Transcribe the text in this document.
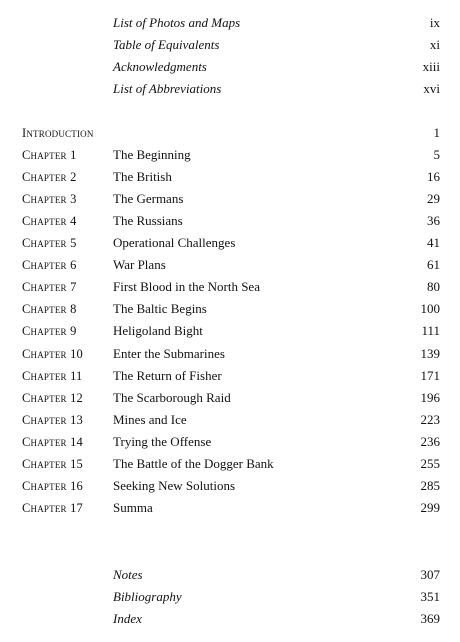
List of Photos and Maps	ix
Table of Equivalents	xi
Acknowledgments	xiii
List of Abbreviations	xvi
Introduction	1
Chapter 1	The Beginning	5
Chapter 2	The British	16
Chapter 3	The Germans	29
Chapter 4	The Russians	36
Chapter 5	Operational Challenges	41
Chapter 6	War Plans	61
Chapter 7	First Blood in the North Sea	80
Chapter 8	The Baltic Begins	100
Chapter 9	Heligoland Bight	111
Chapter 10 Enter the Submarines	139
Chapter 11 The Return of Fisher	171
Chapter 12 The Scarborough Raid	196
Chapter 13 Mines and Ice	223
Chapter 14 Trying the Offense	236
Chapter 15 The Battle of the Dogger Bank	255
Chapter 16 Seeking New Solutions	285
Chapter 17 Summa	299
Notes	307
Bibliography	351
Index	369
